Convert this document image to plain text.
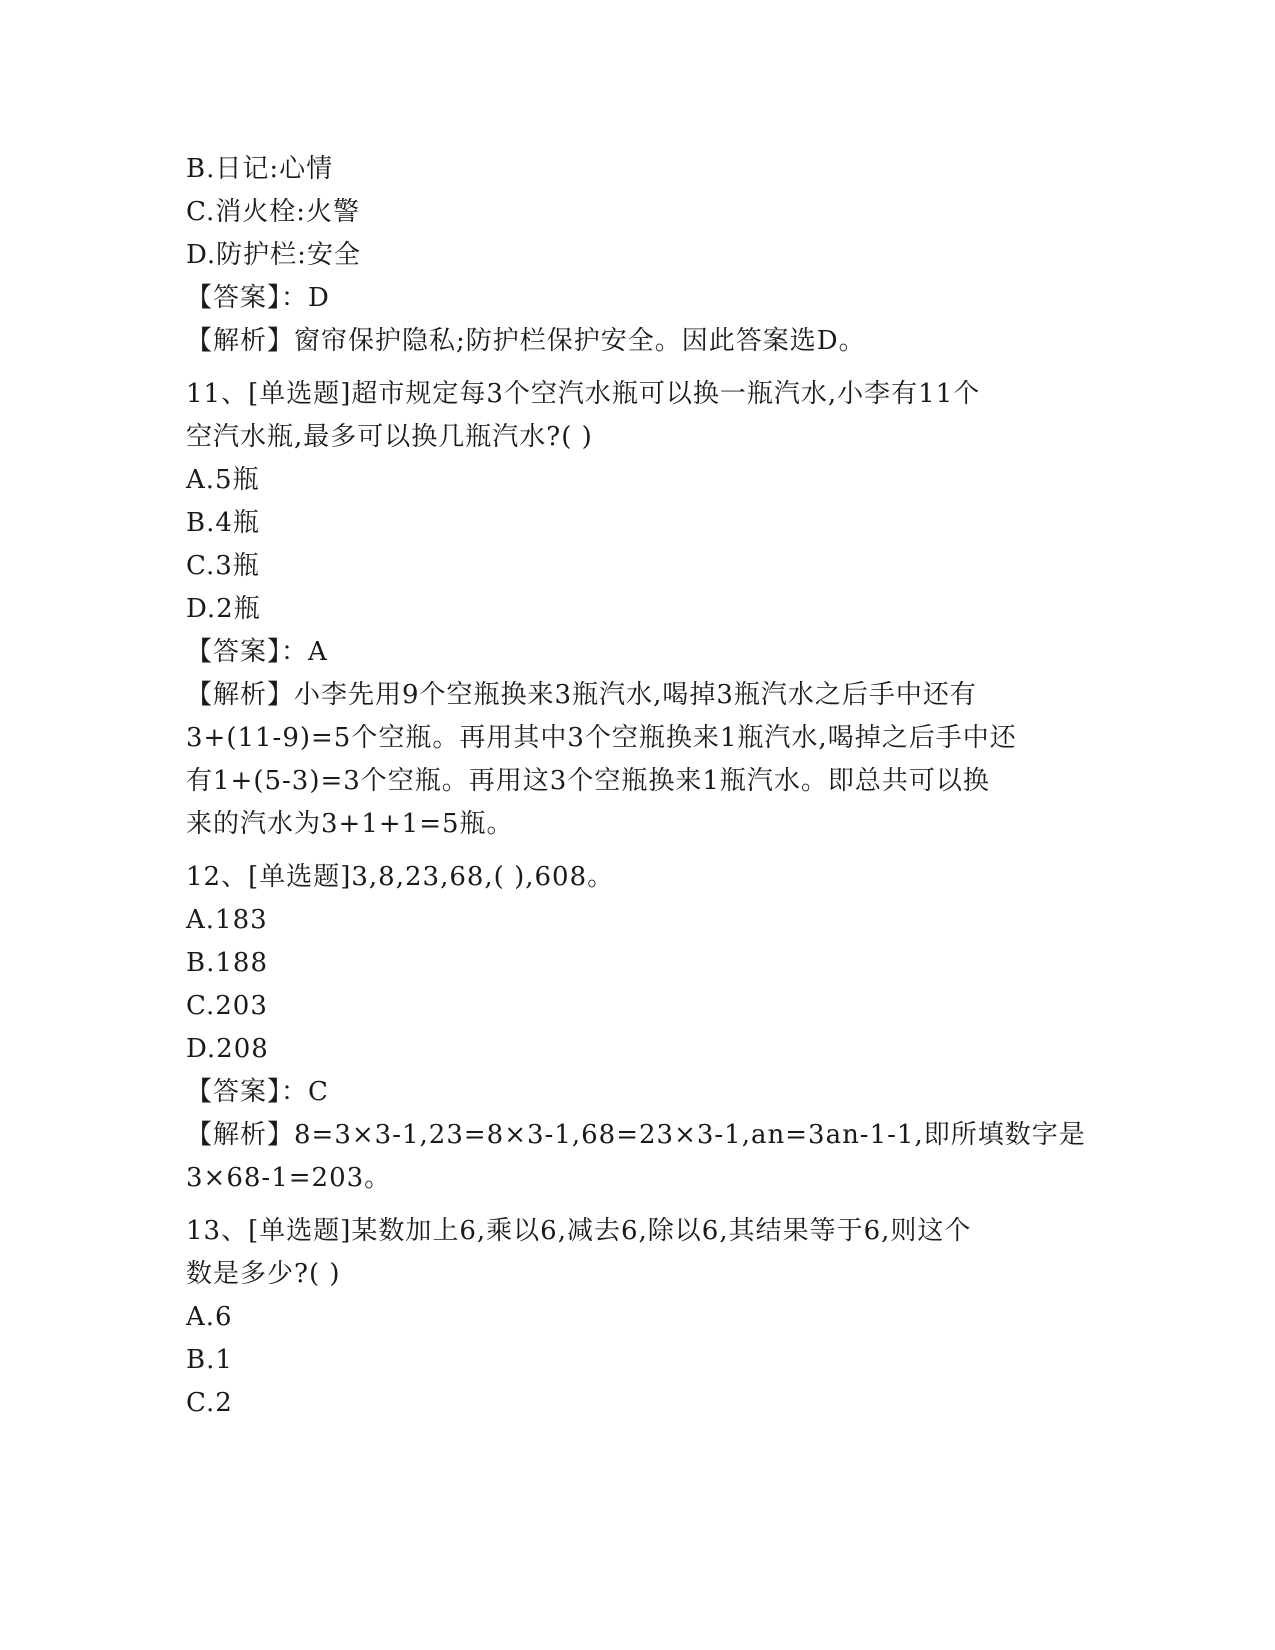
B.日记:心情
C.消火栓:火警
D.防护栏:安全
【答案】：D
【解析】窗帘保护隐私;防护栏保护安全。因此答案选D。
11、[单选题]超市规定每3个空汽水瓶可以换一瓶汽水,小李有11个
空汽水瓶,最多可以换几瓶汽水?( )
A.5瓶
B.4瓶
C.3瓶
D.2瓶
【答案】：A
【解析】小李先用9个空瓶换来3瓶汽水,喝掉3瓶汽水之后手中还有
3+(11-9)=5个空瓶。再用其中3个空瓶换来1瓶汽水,喝掉之后手中还
有1+(5-3)=3个空瓶。再用这3个空瓶换来1瓶汽水。即总共可以换
来的汽水为3+1+1=5瓶。
12、[单选题]3,8,23,68,( ),608。
A.183
B.188
C.203
D.208
【答案】：C
【解析】8=3×3-1,23=8×3-1,68=23×3-1,an=3an-1-1,即所填数字是
3×68-1=203。
13、[单选题]某数加上6,乘以6,减去6,除以6,其结果等于6,则这个
数是多少?( )
A.6
B.1
C.2
